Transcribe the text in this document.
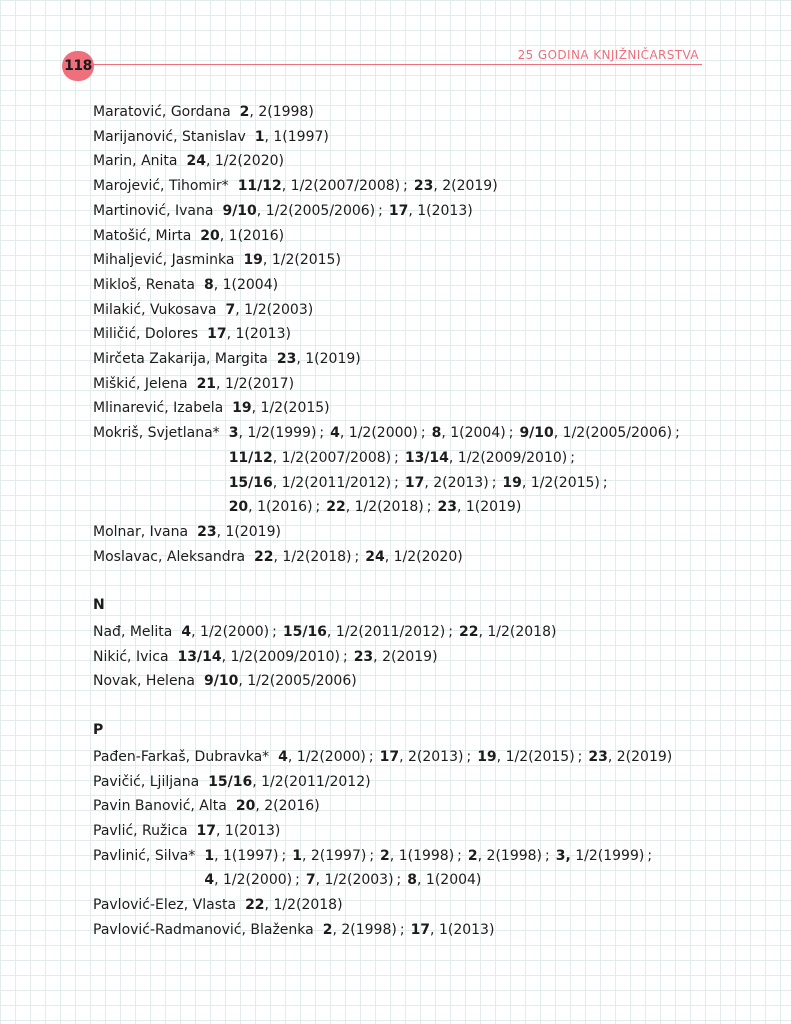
118
25 GODINA KNJIŽNIČARSTVA
Maratović, Gordana 2, 2(1998)
Marijanović, Stanislav 1, 1(1997)
Marin, Anita 24, 1/2(2020)
Marojević, Tihomir* 11/12, 1/2(2007/2008) ; 23, 2(2019)
Martinović, Ivana 9/10, 1/2(2005/2006) ; 17, 1(2013)
Matošić, Mirta 20, 1(2016)
Mihaljević, Jasminka 19, 1/2(2015)
Mikloš, Renata 8, 1(2004)
Milakić, Vukosava 7, 1/2(2003)
Miličić, Dolores 17, 1(2013)
Mirčeta Zakarija, Margita 23, 1(2019)
Miškić, Jelena 21, 1/2(2017)
Mlinarević, Izabela 19, 1/2(2015)
Mokriš, Svjetlana* 3, 1/2(1999) ; 4, 1/2(2000) ; 8, 1(2004) ; 9/10, 1/2(2005/2006) ;
11/12, 1/2(2007/2008) ; 13/14, 1/2(2009/2010) ;
15/16, 1/2(2011/2012) ; 17, 2(2013) ; 19, 1/2(2015) ;
20, 1(2016) ; 22, 1/2(2018) ; 23, 1(2019)
Molnar, Ivana 23, 1(2019)
Moslavac, Aleksandra 22, 1/2(2018) ; 24, 1/2(2020)
N
Nađ, Melita 4, 1/2(2000) ; 15/16, 1/2(2011/2012) ; 22, 1/2(2018)
Nikić, Ivica 13/14, 1/2(2009/2010) ; 23, 2(2019)
Novak, Helena 9/10, 1/2(2005/2006)
P
Pađen-Farkaš, Dubravka* 4, 1/2(2000) ; 17, 2(2013) ; 19, 1/2(2015) ; 23, 2(2019)
Pavičić, Ljiljana 15/16, 1/2(2011/2012)
Pavin Banović, Alta 20, 2(2016)
Pavlić, Ružica 17, 1(2013)
Pavlinić, Silva* 1, 1(1997) ; 1, 2(1997) ; 2, 1(1998) ; 2, 2(1998) ; 3, 1/2(1999) ;
4, 1/2(2000) ; 7, 1/2(2003) ; 8, 1(2004)
Pavlović-Elez, Vlasta 22, 1/2(2018)
Pavlović-Radmanović, Blaženka 2, 2(1998) ; 17, 1(2013)
